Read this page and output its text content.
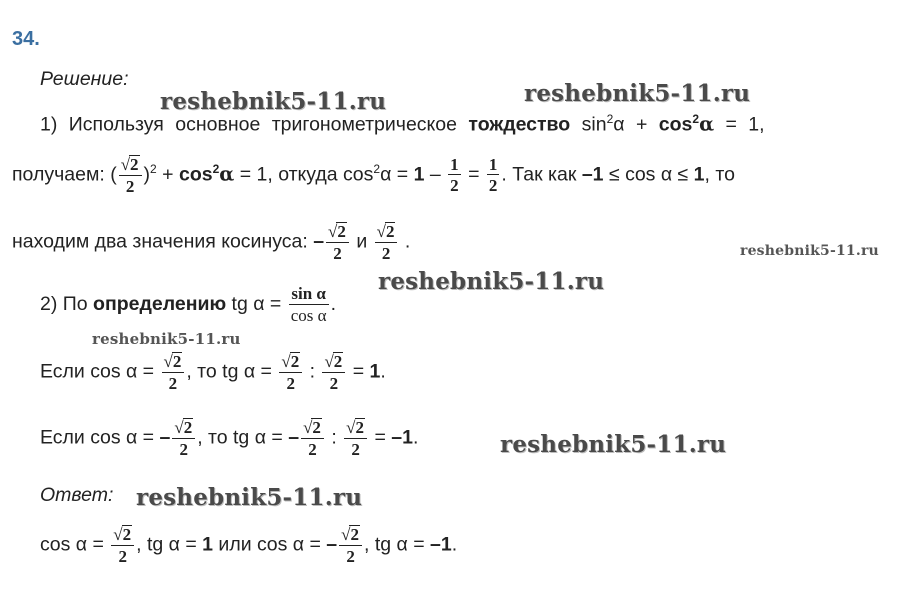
34.
Решение:
1) Используя основное тригонометрическое тождество $\sin^2\alpha + \cos^2\alpha = 1$,
получаем: ( $\frac{√2}{2} )^2 + \cos^2\alpha = 1$, откуда $\cos^2\alpha = 1 - \frac{1}{2} = \frac{1}{2}$ . Так как –1 ≤ cos α ≤ 1, то
находим два значения косинуса: – $\frac{√2}{2}$ и $\frac{√2}{2}$ .
2) По определению tg $\alpha = \frac{\text{sin α}}{\text{cos α}}$ .
Если $\cos \alpha = \frac{√2}{2}$ , то tg $\alpha = \frac{√2}{2}$ : $\frac{√2}{2} = 1$.
Если cos α = – $\frac{√2}{2}$ , то tg α = – $\frac{√2}{2}$ : $\frac{√2}{2} = -1$.
Ответ:
$\cos \alpha = \frac{√2}{2}$ , tg α = 1 или cos α = – $\frac{√2}{2}$ , tg α = –1.
reshebnik5-11.ru	reshebnik5-11.ru
reshebnik5-11.ru
reshebnik5-11.ru
reshebnik5-11.ru
reshebnik5-11.ru
reshebnik5-11.ru
